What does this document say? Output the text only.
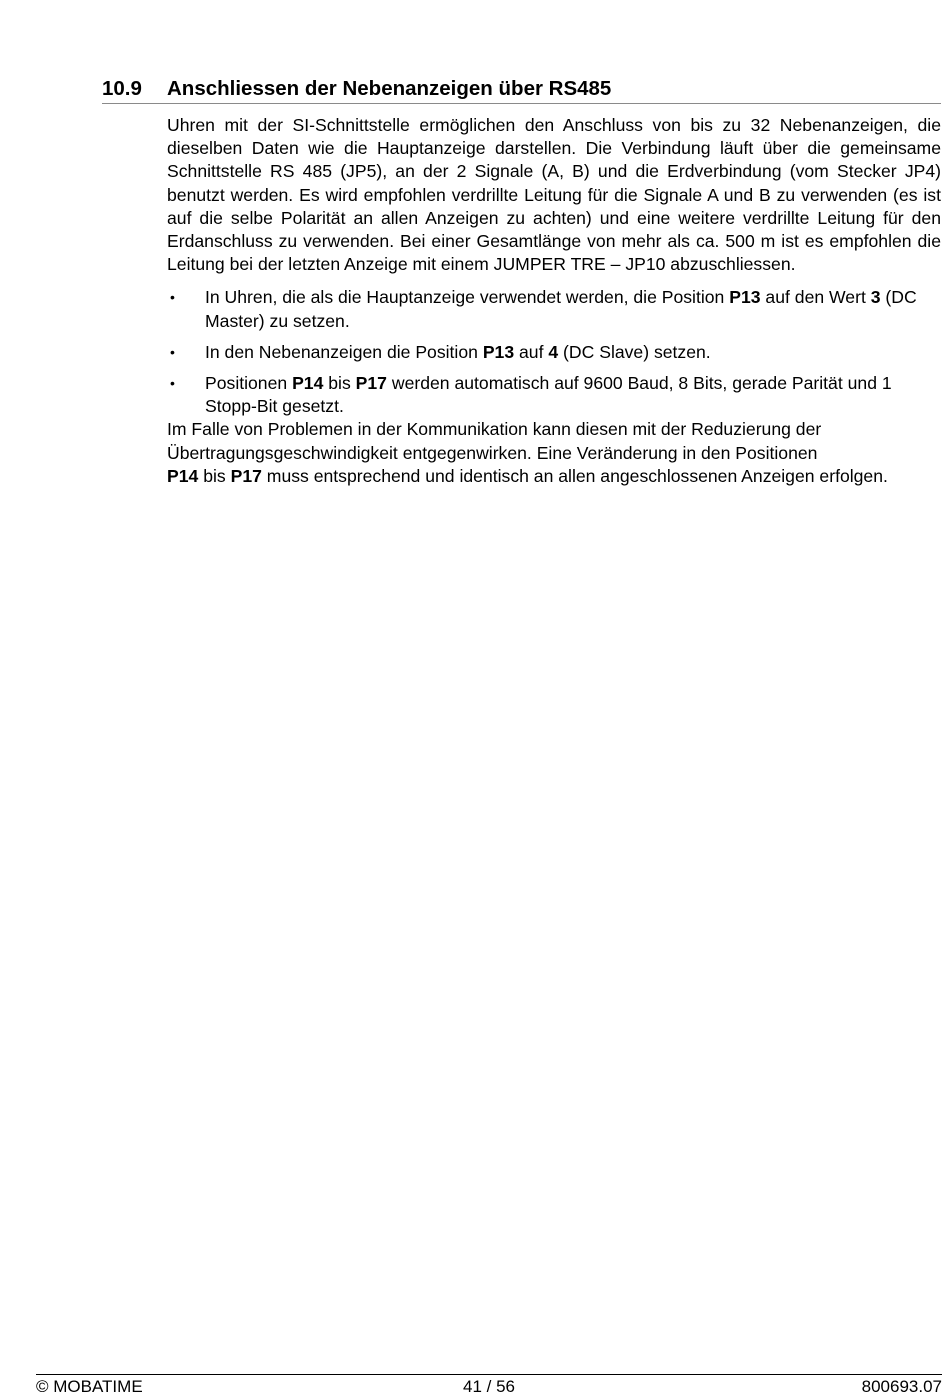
10.9	Anschliessen der Nebenanzeigen über RS485

Uhren mit der SI-Schnittstelle ermöglichen den Anschluss von bis zu 32 Nebenanzeigen, die dieselben Daten wie die Hauptanzeige darstellen. Die Verbindung läuft über die gemeinsame Schnittstelle RS 485 (JP5), an der 2 Signale (A, B) und die Erdverbindung (vom Stecker JP4) benutzt werden. Es wird empfohlen verdrillte Leitung für die Signale A und B zu verwenden (es ist auf die selbe Polarität an allen Anzeigen zu achten) und eine weitere verdrillte Leitung für den Erdanschluss zu verwenden. Bei einer Gesamtlänge von mehr als ca. 500 m ist es empfohlen die Leitung bei der letzten Anzeige mit einem JUMPER TRE – JP10 abzuschliessen.

• In Uhren, die als die Hauptanzeige verwendet werden, die Position P13 auf den Wert 3 (DC Master) zu setzen.
• In den Nebenanzeigen die Position P13 auf 4 (DC Slave) setzen.
• Positionen P14 bis P17 werden automatisch auf 9600 Baud, 8 Bits, gerade Parität und 1 Stopp-Bit gesetzt.

Im Falle von Problemen in der Kommunikation kann diesen mit der Reduzierung der Übertragungsgeschwindigkeit entgegenwirken. Eine Veränderung in den Positionen
P14 bis P17 muss entsprechend und identisch an allen angeschlossenen Anzeigen erfolgen.

© MOBATIME	41 / 56	800693.07
